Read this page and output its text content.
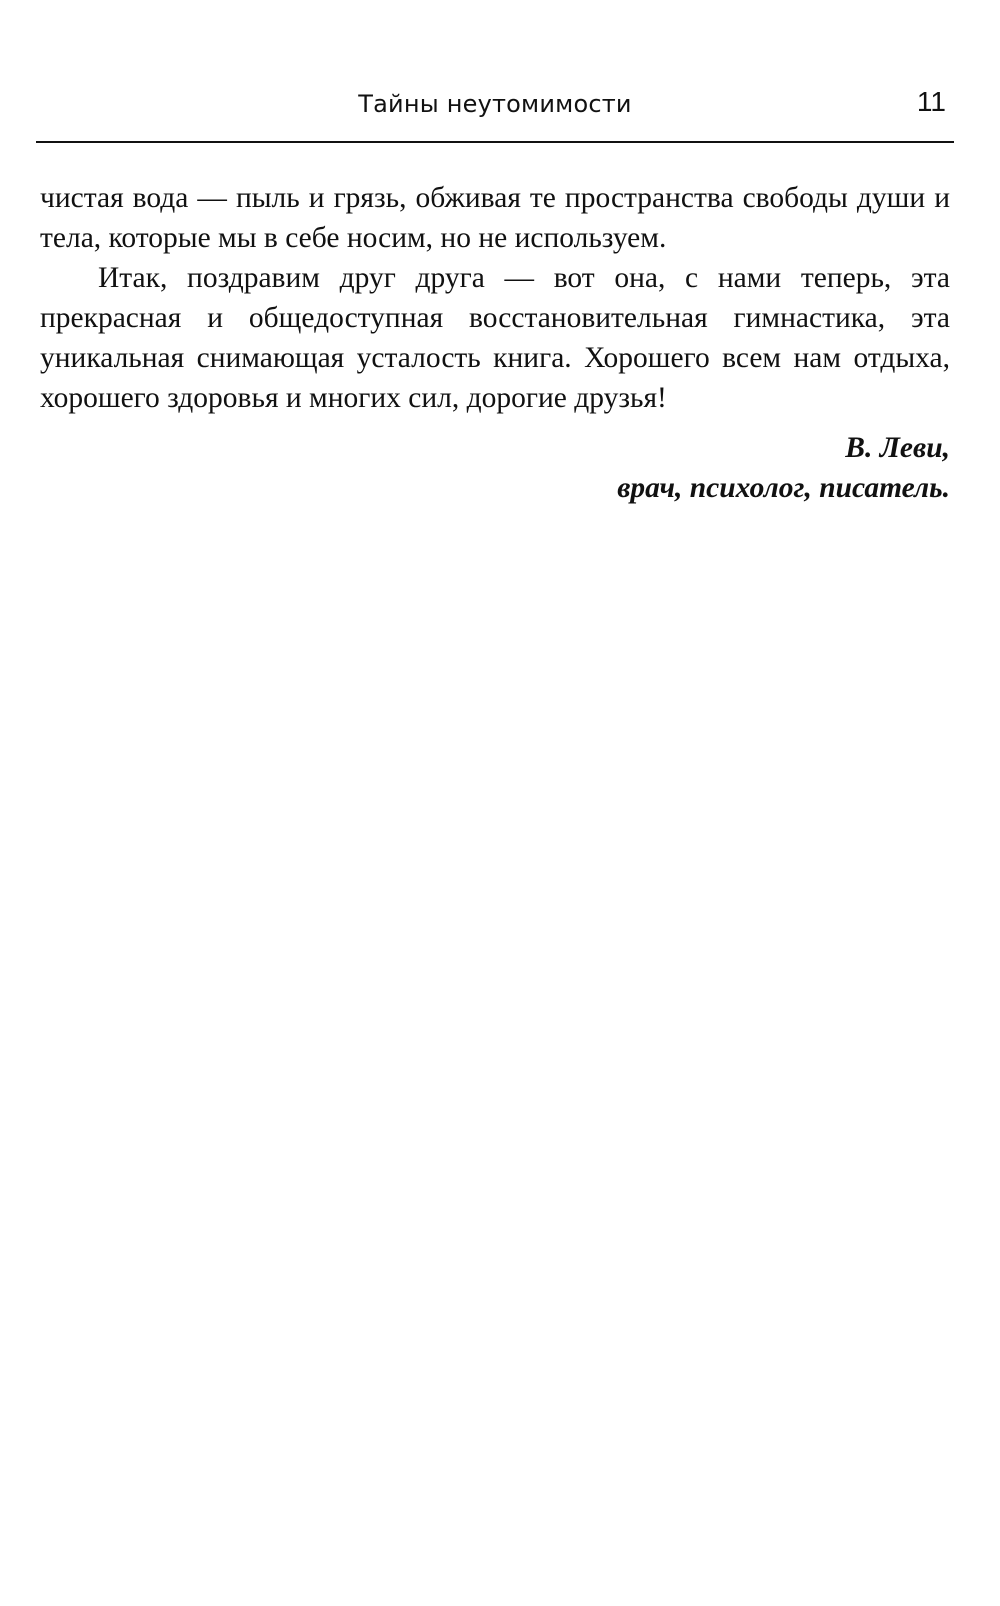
Тайны неутомимости	11

чистая вода — пыль и грязь, обживая те пространства свободы души и тела, которые мы в себе носим, но не используем.

Итак, поздравим друг друга — вот она, с нами теперь, эта прекрасная и общедоступная восстановительная гимнастика, эта уникальная снимающая усталость книга. Хорошего всем нам отдыха, хорошего здоровья и многих сил, дорогие друзья!

В. Леви,
врач, психолог, писатель.
